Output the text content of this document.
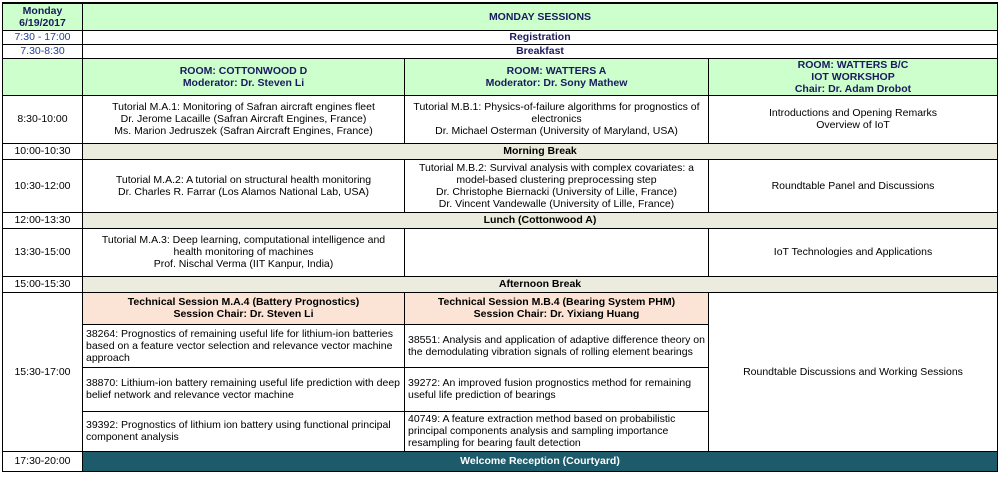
Monday
6/19/2017	MONDAY SESSIONS		
7:30 - 17:00	Registration		
7.30-8:30	Breakfast		

	ROOM: COTTONWOOD D
Moderator: Dr. Steven Li	ROOM: WATTERS A
Moderator: Dr. Sony Mathew	ROOM: WATTERS B/C
IOT WORKSHOP
Chair: Dr. Adam Drobot

8:30-10:00	Tutorial M.A.1: Monitoring of Safran aircraft engines fleet
Dr. Jerome Lacaille (Safran Aircraft Engines, France)
Ms. Marion Jedruszek (Safran Aircraft Engines, France)	Tutorial M.B.1: Physics-of-failure algorithms for prognostics of
electronics
Dr. Michael Osterman (University of Maryland, USA)	Introductions and Opening Remarks
Overview of IoT

10:00-10:30	Morning Break		
10:30-12:00	Tutorial M.A.2: A tutorial on structural health monitoring
Dr. Charles R. Farrar (Los Alamos National Lab, USA)	Tutorial M.B.2: Survival analysis with complex covariates: a
model-based clustering preprocessing step
Dr. Christophe Biernacki (University of Lille, France)
Dr. Vincent Vandewalle (University of Lille, France)	Roundtable Panel and Discussions
12:00-13:30	Lunch (Cottonwood A)		
13:30-15:00	Tutorial M.A.3: Deep learning, computational intelligence and
health monitoring of machines
Prof. Nischal Verma (IIT Kanpur, India)		IoT Technologies and Applications
15:00-15:30	Afternoon Break		
15:30-17:00	Technical Session M.A.4 (Battery Prognostics)
Session Chair: Dr. Steven Li	Technical Session M.B.4 (Bearing System PHM)
Session Chair: Dr. Yixiang Huang	Roundtable Discussions and Working Sessions

	38264: Prognostics of remaining useful life for lithium-ion batteries based on a feature vector selection and relevance vector machine approach	38551: Analysis and application of adaptive difference theory on the demodulating vibration signals of rolling element bearings	

	38870: Lithium-ion battery remaining useful life prediction with deep belief network and relevance vector machine	39272: An improved fusion prognostics method for remaining useful life prediction of bearings	

	39392: Prognostics of lithium ion battery using functional principal component analysis	40749: A feature extraction method based on probabilistic principal components analysis and sampling importance resampling for bearing fault detection	

17:30-20:00	Welcome Reception (Courtyard)		
